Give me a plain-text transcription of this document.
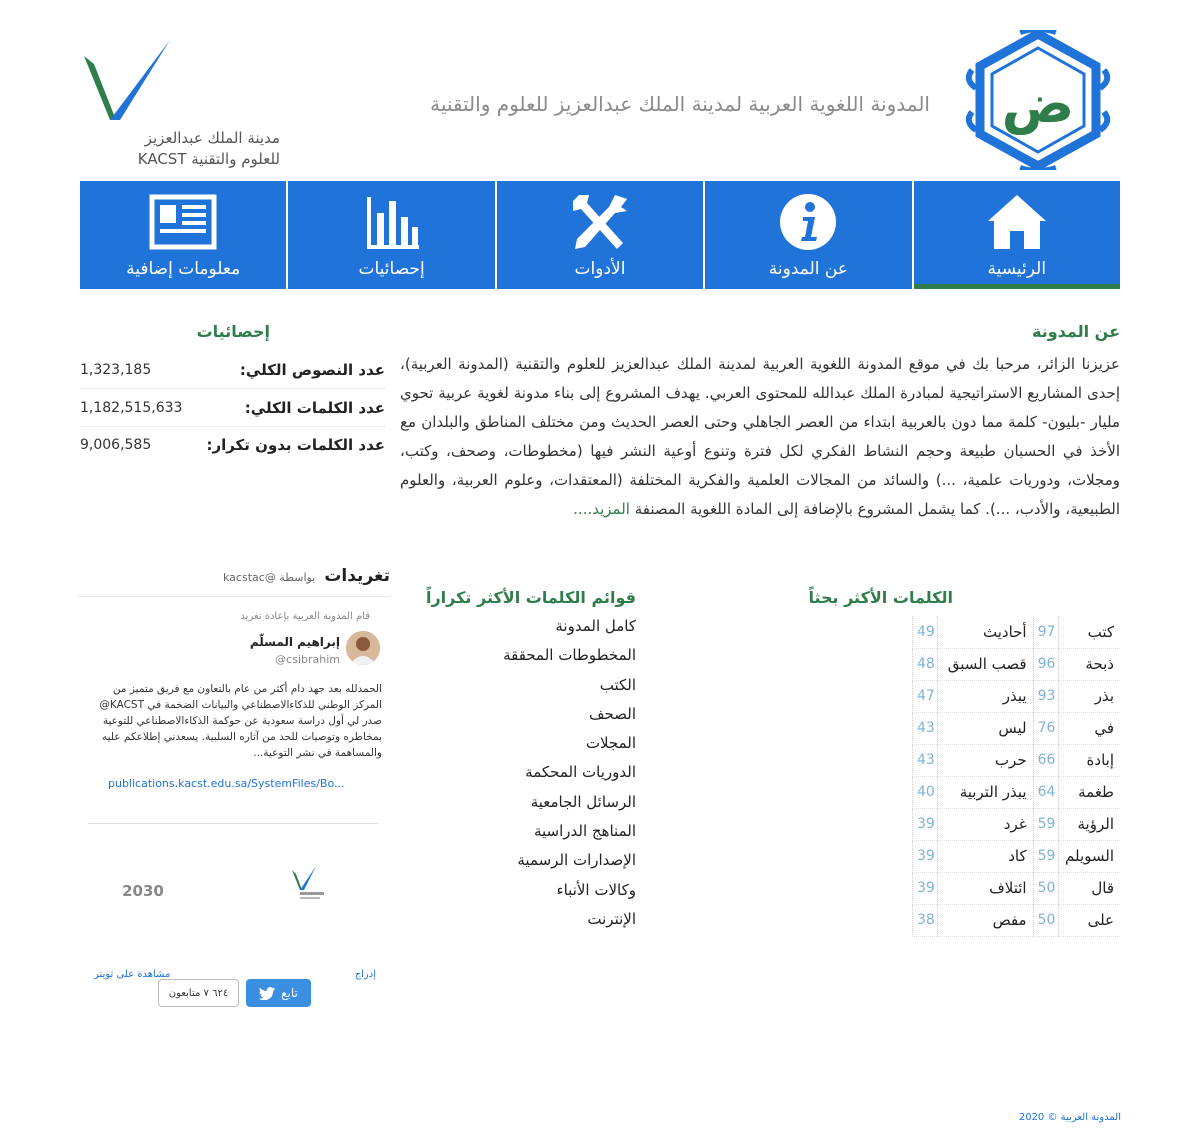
ض
المدونة اللغوية العربية لمدينة الملك عبدالعزيز للعلوم والتقنية
مدينة الملك عبدالعزيز
للعلوم والتقنية KACST
الرئيسية
عن المدونة
الأدوات
إحصائيات
معلومات إضافية
عن المدونة
عزيزنا الزائر، مرحبا بك في موقع المدونة اللغوية العربية لمدينة الملك عبدالعزيز للعلوم والتقنية (المدونة العربية)، إحدى المشاريع الاستراتيجية لمبادرة الملك عبدالله للمحتوى العربي. يهدف المشروع إلى بناء مدونة لغوية عربية تحوي مليار -بليون- كلمة مما دون بالعربية ابتداء من العصر الجاهلي وحتى العصر الحديث ومن مختلف المناطق والبلدان مع الأخذ في الحسبان طبيعة وحجم النشاط الفكري لكل فترة وتنوع أوعية النشر فيها (مخطوطات، وصحف، وكتب، ومجلات، ودوريات علمية، ...) والسائد من المجالات العلمية والفكرية المختلفة (المعتقدات، وعلوم العربية، والعلوم الطبيعية، والأدب، ...). كما يشمل المشروع بالإضافة إلى المادة اللغوية المصنفة المزيد....
إحصائيات
عدد النصوص الكلي:
1,323,185
عدد الكلمات الكلي:
1,182,515,633
عدد الكلمات بدون تكرار:
9,006,585
الكلمات الأكثر بحثاً
كتب	97	أحاديث	49
ذبحة	96	قصب السبق	48
بذر	93	يبذر	47
في	76	ليس	43
إبادة	66	حرب	43
طغمة	64	يبذر التربية	40
الرؤية	59	غرد	39
السويلم	59	كاد	39
قال	50	ائتلاف	39
على	50	مفص	38
قوائم الكلمات الأكثر تكراراً
كامل المدونة
المخطوطات المحققة
الكتب
الصحف
المجلات
الدوريات المحكمة
الرسائل الجامعية
المناهج الدراسية
الإصدارات الرسمية
وكالات الأنباء
الإنترنت
تغريدات
بواسطة @kacstac
قام المدونة العربية بإعادة تغريد
إبراهيم المسلّم
@csibrahim
الحمدلله بعد جهد دام أكثر من عام بالتعاون مع فريق متميز من المركز الوطني للذكاءالاصطناعي والبيانات الضخمة في KACST@ صدر لي أول دراسة سعودية عن حوكمة الذكاءالاصطناعي للتوعية بمخاطره وتوصيات للحد من آثاره السلبية. يسعدني إطلاعكم عليه والمساهمة في نشر التوعية...
publications.kacst.edu.sa/SystemFiles/Bo...
2030
إدراج
مشاهدة على تويتر
تابع
٦٢٤ ٧ متابعون
المدونة العربية © 2020
